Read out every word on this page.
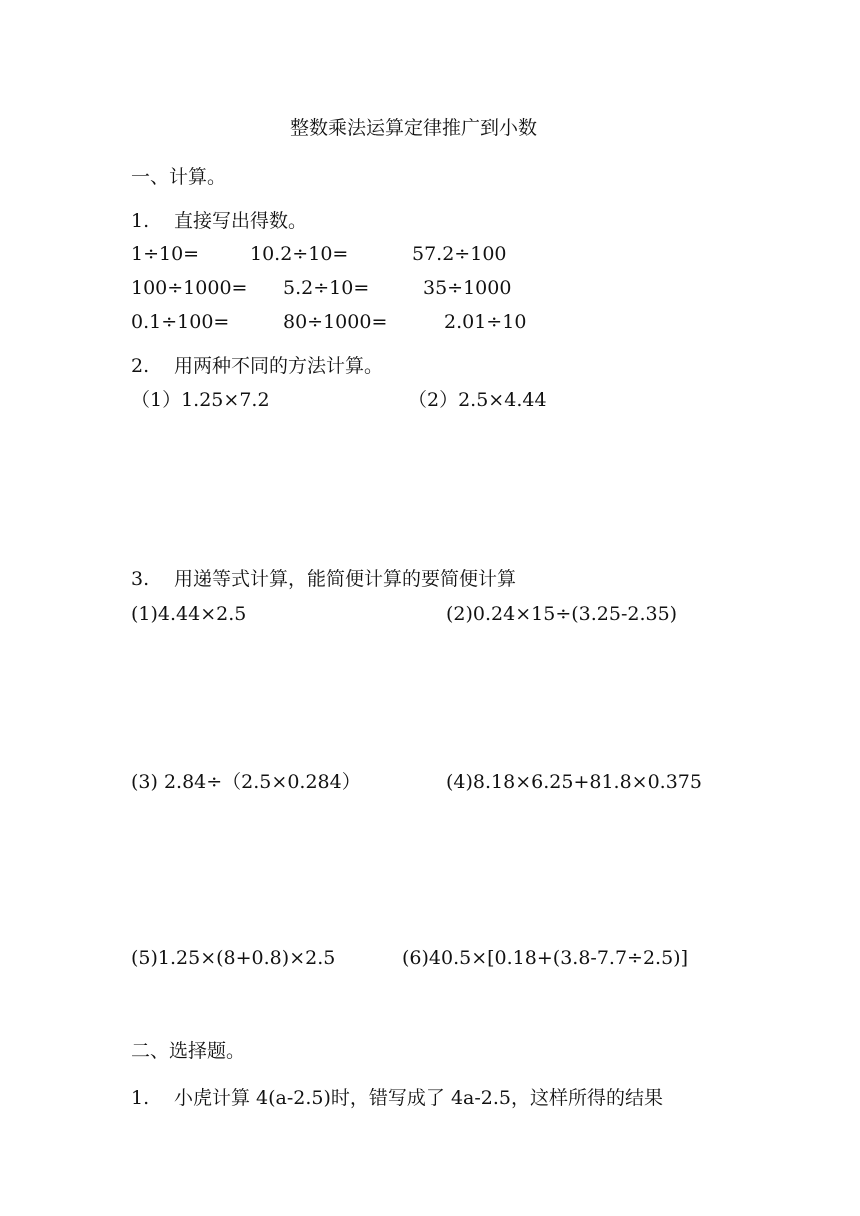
整数乘法运算定律推广到小数
一、计算。
1. 直接写出得数。
1÷10=	10.2÷10=	57.2÷100
100÷1000= 5.2÷10=	35÷1000
0.1÷100=	80÷1000=	2.01÷10
2. 用两种不同的方法计算。
（1）1.25×7.2	（2）2.5×4.44
3. 用递等式计算，能简便计算的要简便计算
(1)4.44×2.5	(2)0.24×15÷(3.25-2.35)
(3) 2.84÷（2.5×0.284）	(4)8.18×6.25+81.8×0.375
(5)1.25×(8+0.8)×2.5	(6)40.5×[0.18+(3.8-7.7÷2.5)]
二、选择题。
1. 小虎计算 4(a-2.5)时，错写成了 4a-2.5，这样所得的结果
